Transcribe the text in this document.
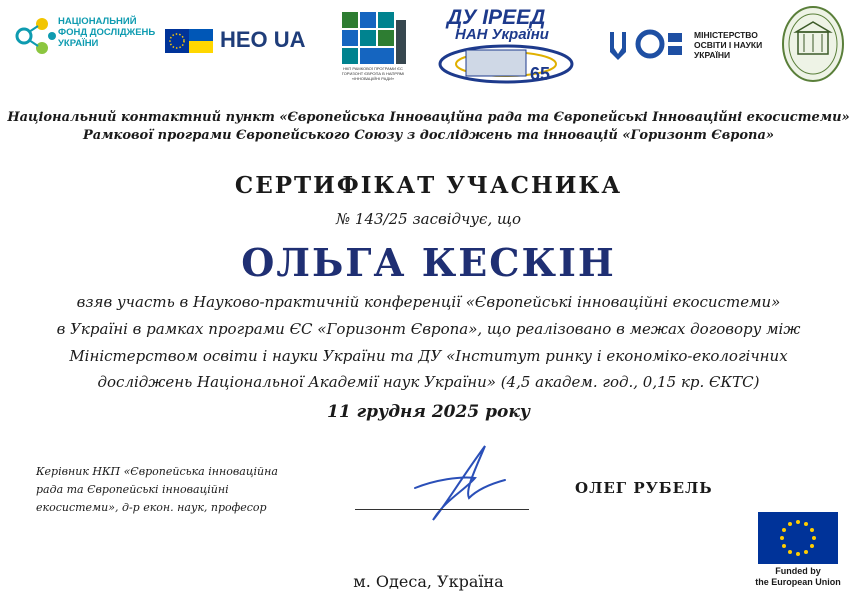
НАЦІОНАЛЬНИЙ
ФОНД ДОСЛІДЖЕНЬ
УКРАЇНИ	HEO UA
НКП РАМКОВОЇ ПРОГРАМИ ЄС
ГОРИЗОНТ ЄВРОПА В НАПРЯМІ
«ІННОВАЦІЙНІ РАДИ»	65
ДУ ІРЕЕД
НАН України	МІНІСТЕРСТВО
ОСВІТИ І НАУКИ
УКРАЇНИ
Національний контактний пункт «Європейська Інноваційна рада та Європейські Інноваційні екосистеми»
Рамкової програми Європейського Союзу з досліджень та інновацій «Горизонт Європа»
СЕРТИФІКАТ УЧАСНИКА
№ 143/25 засвідчує, що
ОЛЬГА КЕСКІН
взяв участь в Науково-практичній конференції «Європейські інноваційні екосистеми»
в Україні в рамках програми ЄС «Горизонт Європа», що реалізовано в межах договору між
Міністерством освіти і науки України та ДУ «Інститут ринку і економіко-екологічних
досліджень Національної Академії наук України» (4,5 академ. год., 0,15 кр. ЄКТС)
11 грудня 2025 року
Керівник НКП «Європейська інноваційна
рада та Європейські інноваційні
екосистеми», д-р екон. наук, професор
ОЛЕГ РУБЕЛЬ
м. Одеса, Україна
Funded by
the European Union
